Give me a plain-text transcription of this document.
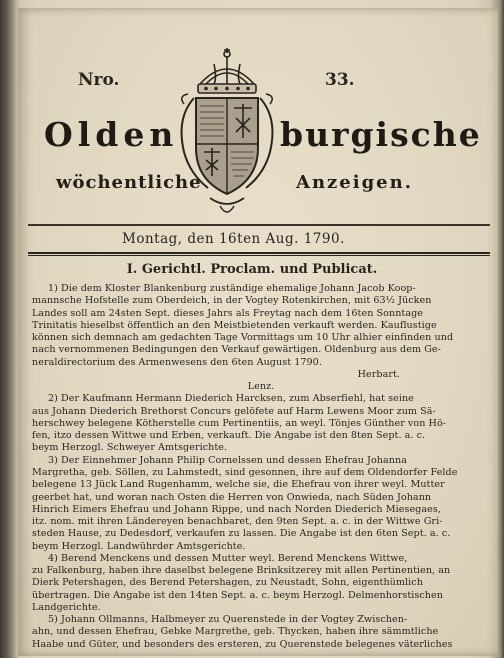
Nro.	33.
Olden	burgische
wöchentliche	Anzeigen.
Montag, den 16ten Aug. 1790.
I. Gerichtl. Proclam. und Publicat.
1) Die dem Kloster Blankenburg zuständige ehemalige Johann Jacob Koop-
mannsche Hofstelle zum Oberdeich, in der Vogtey Rotenkirchen, mit 63½ Jücken
Landes soll am 24sten Sept. dieses Jahrs als Freytag nach dem 16ten Sonntage
Trinitatis hieselbst öffentlich an den Meistbietenden verkauft werden. Kauflustige
können sich demnach am gedachten Tage Vormittags um 10 Uhr alhier einfinden und
nach vernommenen Bedingungen den Verkauf gewärtigen. Oldenburg aus dem Ge-
neraldirectorium des Armenwesens den 6ten August 1790.
Herbart.
Lenz.
2) Der Kaufmann Hermann Diederich Harcksen, zum Abserfiehl, hat seine
aus Johann Diederich Brethorst Concurs gelöfete auf Harm Lewens Moor zum Sä-
herschwey belegene Kötherstelle cum Pertinentiis, an weyl. Tönjes Günther von Hö-
fen, itzo dessen Wittwe und Erben, verkauft. Die Angabe ist den 8ten Sept. a. c.
beym Herzogl. Schweyer Amtsgerichte.
3) Der Einnehmer Johann Philip Cornelssen und dessen Ehefrau Johanna
Margretha, geb. Söllen, zu Lahmstedt, sind gesonnen, ihre auf dem Oldendorfer Felde
belegene 13 Jück Land Rugenhamm, welche sie, die Ehefrau von ihrer weyl. Mutter
geerbet hat, und woran nach Osten die Herren von Onwieda, nach Süden Johann
Hinrich Eimers Ehefrau und Johann Rippe, und nach Norden Diederich Miesegaes,
itz. nom. mit ihren Ländereyen benachbaret, den 9ten Sept. a. c. in der Wittwe Gri-
steden Hause, zu Dedesdorf, verkaufen zu lassen. Die Angabe ist den 6ten Sept. a. c.
beym Herzogl. Landwührder Amtsgerichte.
4) Berend Menckens und dessen Mutter weyl. Berend Menckens Wittwe,
zu Falkenburg, haben ihre daselbst belegene Brinksitzerey mit allen Pertinentien, an
Dierk Petershagen, des Berend Petershagen, zu Neustadt, Sohn, eigenthümlich
übertragen. Die Angabe ist den 14ten Sept. a. c. beym Herzogl. Delmenhorstischen
Landgerichte.
5) Johann Ollmanns, Halbmeyer zu Querenstede in der Vogtey Zwischen-
ahn, und dessen Ehefrau, Gebke Margrethe, geb. Thycken, haben ihre sämmtliche
Haabe und Güter, und besonders des ersteren, zu Querenstede belegenes väterliches
